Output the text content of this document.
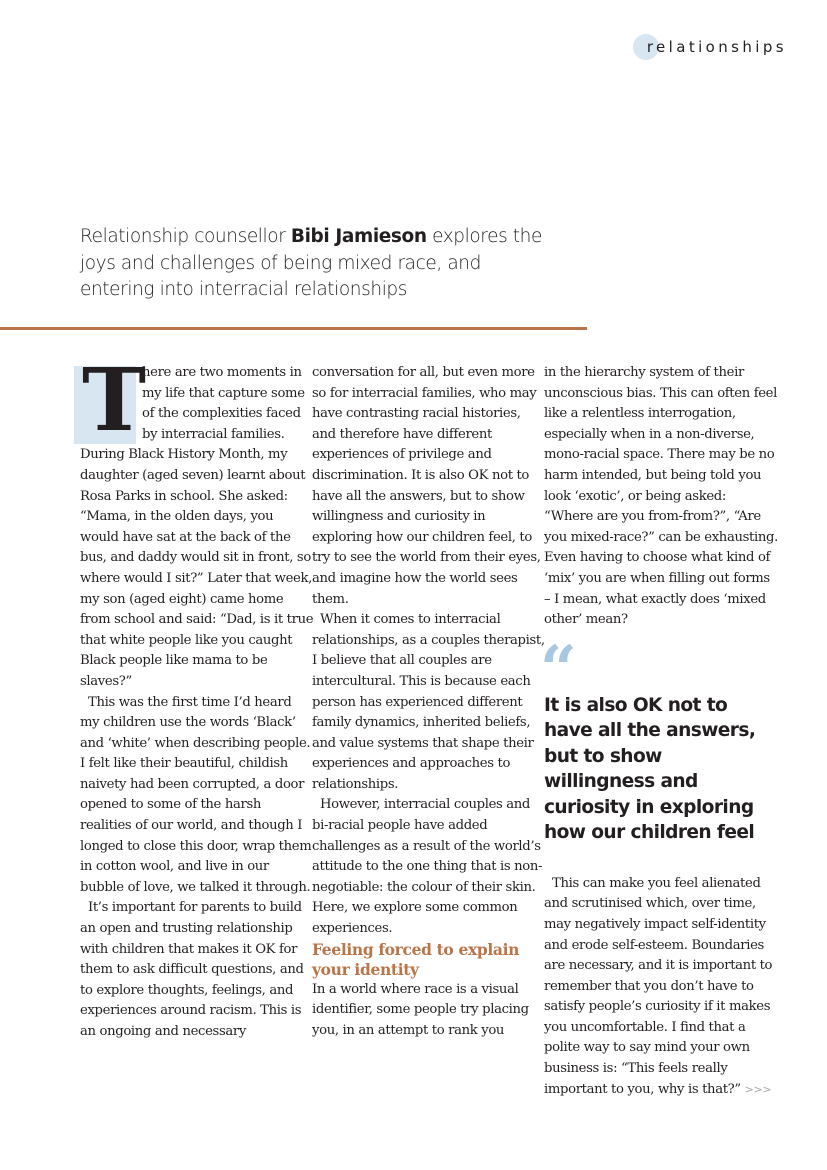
relationships
Relationship counsellor Bibi Jamieson explores the joys and challenges of being mixed race, and entering into interracial relationships

T
here are two moments in my life that capture some of the complexities faced by interracial families. During Black History Month, my daughter (aged seven) learnt about Rosa Parks in school. She asked: “Mama, in the olden days, you would have sat at the back of the bus, and daddy would sit in front, so where would I sit?” Later that week, my son (aged eight) came home from school and said: “Dad, is it true that white people like you caught Black people like mama to be slaves?”

This was the first time I’d heard my children use the words ‘Black’ and ‘white’ when describing people. I felt like their beautiful, childish naivety had been corrupted, a door opened to some of the harsh realities of our world, and though I longed to close this door, wrap them in cotton wool, and live in our bubble of love, we talked it through.

It’s important for parents to build an open and trusting relationship with children that makes it OK for them to ask difficult questions, and to explore thoughts, feelings, and experiences around racism. This is an ongoing and necessary

conversation for all, but even more so for interracial families, who may have contrasting racial histories, and therefore have different experiences of privilege and discrimination. It is also OK not to have all the answers, but to show willingness and curiosity in exploring how our children feel, to try to see the world from their eyes, and imagine how the world sees them.

When it comes to interracial relationships, as a couples therapist, I believe that all couples are intercultural. This is because each person has experienced different family dynamics, inherited beliefs, and value systems that shape their experiences and approaches to relationships.

However, interracial couples and bi-racial people have added challenges as a result of the world’s attitude to the one thing that is non-negotiable: the colour of their skin. Here, we explore some common experiences.

Feeling forced to explain your identity

In a world where race is a visual identifier, some people try placing you, in an attempt to rank you

in the hierarchy system of their unconscious bias. This can often feel like a relentless interrogation, especially when in a non-diverse, mono-racial space. There may be no harm intended, but being told you look ‘exotic’, or being asked: “Where are you from-from?”, “Are you mixed-race?” can be exhausting. Even having to choose what kind of ‘mix’ you are when filling out forms – I mean, what exactly does ‘mixed other’ mean?

“
It is also OK not to have all the answers, but to show willingness and curiosity in exploring how our children feel

This can make you feel alienated and scrutinised which, over time, may negatively impact self-identity and erode self-esteem. Boundaries are necessary, and it is important to remember that you don’t have to satisfy people’s curiosity if it makes you uncomfortable. I find that a polite way to say mind your own business is: “This feels really important to you, why is that?” >>>
